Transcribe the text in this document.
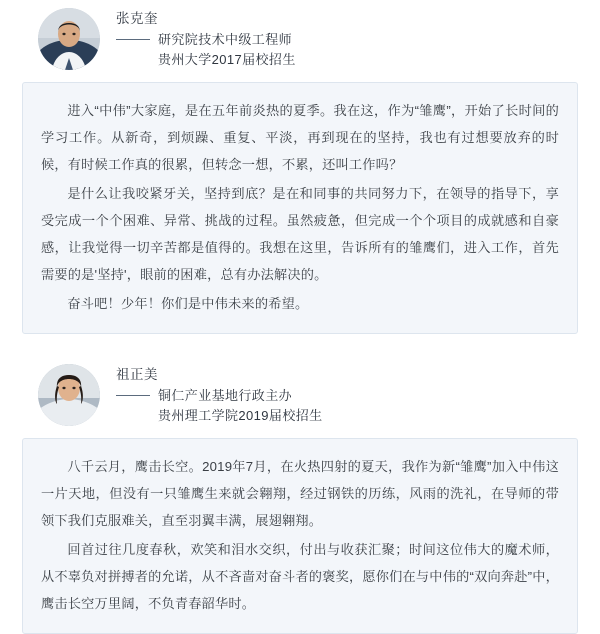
张克奎
研究院技术中级工程师
贵州大学2017届校招生

进入“中伟”大家庭，是在五年前炎热的夏季。我在这，作为“雏鹰”，开始了长时间的学习工作。从新奇，到烦躁、重复、平淡，再到现在的坚持，我也有过想要放弃的时候，有时候工作真的很累，但转念一想，不累，还叫工作吗？

是什么让我咬紧牙关，坚持到底？是在和同事的共同努力下，在领导的指导下，享受完成一个个困难、异常、挑战的过程。虽然疲惫，但完成一个个项目的成就感和自豪感，让我觉得一切辛苦都是值得的。我想在这里，告诉所有的雏鹰们，进入工作，首先需要的是'坚持'，眼前的困难，总有办法解决的。

奋斗吧！少年！你们是中伟未来的希望。

祖正美
铜仁产业基地行政主办
贵州理工学院2019届校招生

八千云月，鹰击长空。2019年7月，在火热四射的夏天，我作为新“雏鹰”加入中伟这一片天地，但没有一只雏鹰生来就会翱翔，经过钢铁的历练，风雨的洗礼，在导师的带领下我们克服难关，直至羽翼丰满，展翅翱翔。

回首过往几度春秋，欢笑和泪水交织，付出与收获汇聚；时间这位伟大的魔术师，从不辜负对拼搏者的允诺，从不吝啬对奋斗者的褒奖，愿你们在与中伟的“双向奔赴”中，鹰击长空万里阔，不负青春韶华时。
